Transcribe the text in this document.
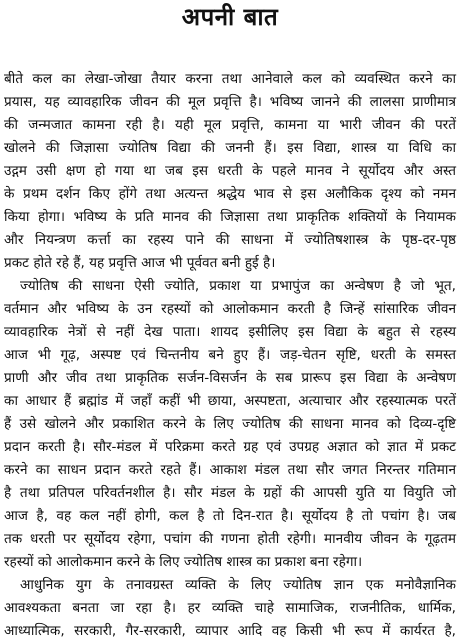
अपनी बात
बीते कल का लेखा-जोखा तैयार करना तथा आनेवाले कल को व्यवस्थित करने का
प्रयास, यह व्यावहारिक जीवन की मूल प्रवृत्ति है। भविष्य जानने की लालसा प्राणीमात्र
की जन्मजात कामना रही है। यही मूल प्रवृत्ति, कामना या भारी जीवन की परतें
खोलने की जिज्ञासा ज्योतिष विद्या की जननी हैं। इस विद्या, शास्त्र या विधि का
उद्गम उसी क्षण हो गया था जब इस धरती के पहले मानव ने सूर्योदय और अस्त
के प्रथम दर्शन किए होंगे तथा अत्यन्त श्रद्धेय भाव से इस अलौकिक दृश्य को नमन
किया होगा। भविष्य के प्रति मानव की जिज्ञासा तथा प्राकृतिक शक्तियों के नियामक
और नियन्त्रण कर्त्ता का रहस्य पाने की साधना में ज्योतिषशास्त्र के पृष्ठ-दर-पृष्ठ
प्रकट होते रहे हैं, यह प्रवृत्ति आज भी पूर्ववत बनी हुई है।
ज्योतिष की साधना ऐसी ज्योति, प्रकाश या प्रभापुंज का अन्वेषण है जो भूत,
वर्तमान और भविष्य के उन रहस्यों को आलोकमान करती है जिन्हें सांसारिक जीवन
व्यावहारिक नेत्रों से नहीं देख पाता। शायद इसीलिए इस विद्या के बहुत से रहस्य
आज भी गूढ़, अस्पष्ट एवं चिन्तनीय बने हुए हैं। जड़-चेतन सृष्टि, धरती के समस्त
प्राणी और जीव तथा प्राकृतिक सर्जन-विसर्जन के सब प्रारूप इस विद्या के अन्वेषण
का आधार हैं ब्रह्मांड में जहाँ कहीं भी छाया, अस्पष्टता, अत्याचार और रहस्यात्मक परतें
हैं उसे खोलने और प्रकाशित करने के लिए ज्योतिष की साधना मानव को दिव्य-दृष्टि
प्रदान करती है। सौर-मंडल में परिक्रमा करते ग्रह एवं उपग्रह अज्ञात को ज्ञात में प्रकट
करने का साधन प्रदान करते रहते हैं। आकाश मंडल तथा सौर जगत निरन्तर गतिमान
है तथा प्रतिपल परिवर्तनशील है। सौर मंडल के ग्रहों की आपसी युति या वियुति जो
आज है, वह कल नहीं होगी, कल है तो दिन-रात है। सूर्योदय है तो पचांग है। जब
तक धरती पर सूर्योदय रहेगा, पचांग की गणना होती रहेगी। मानवीय जीवन के गूढ़तम
रहस्यों को आलोकमान करने के लिए ज्योतिष शास्त्र का प्रकाश बना रहेगा।
आधुनिक युग के तनावग्रस्त व्यक्ति के लिए ज्योतिष ज्ञान एक मनोवैज्ञानिक
आवश्यकता बनता जा रहा है। हर व्यक्ति चाहे सामाजिक, राजनीतिक, धार्मिक,
आध्यात्मिक, सरकारी, गैर-सरकारी, व्यापार आदि वह किसी भी रूप में कार्यरत है,
